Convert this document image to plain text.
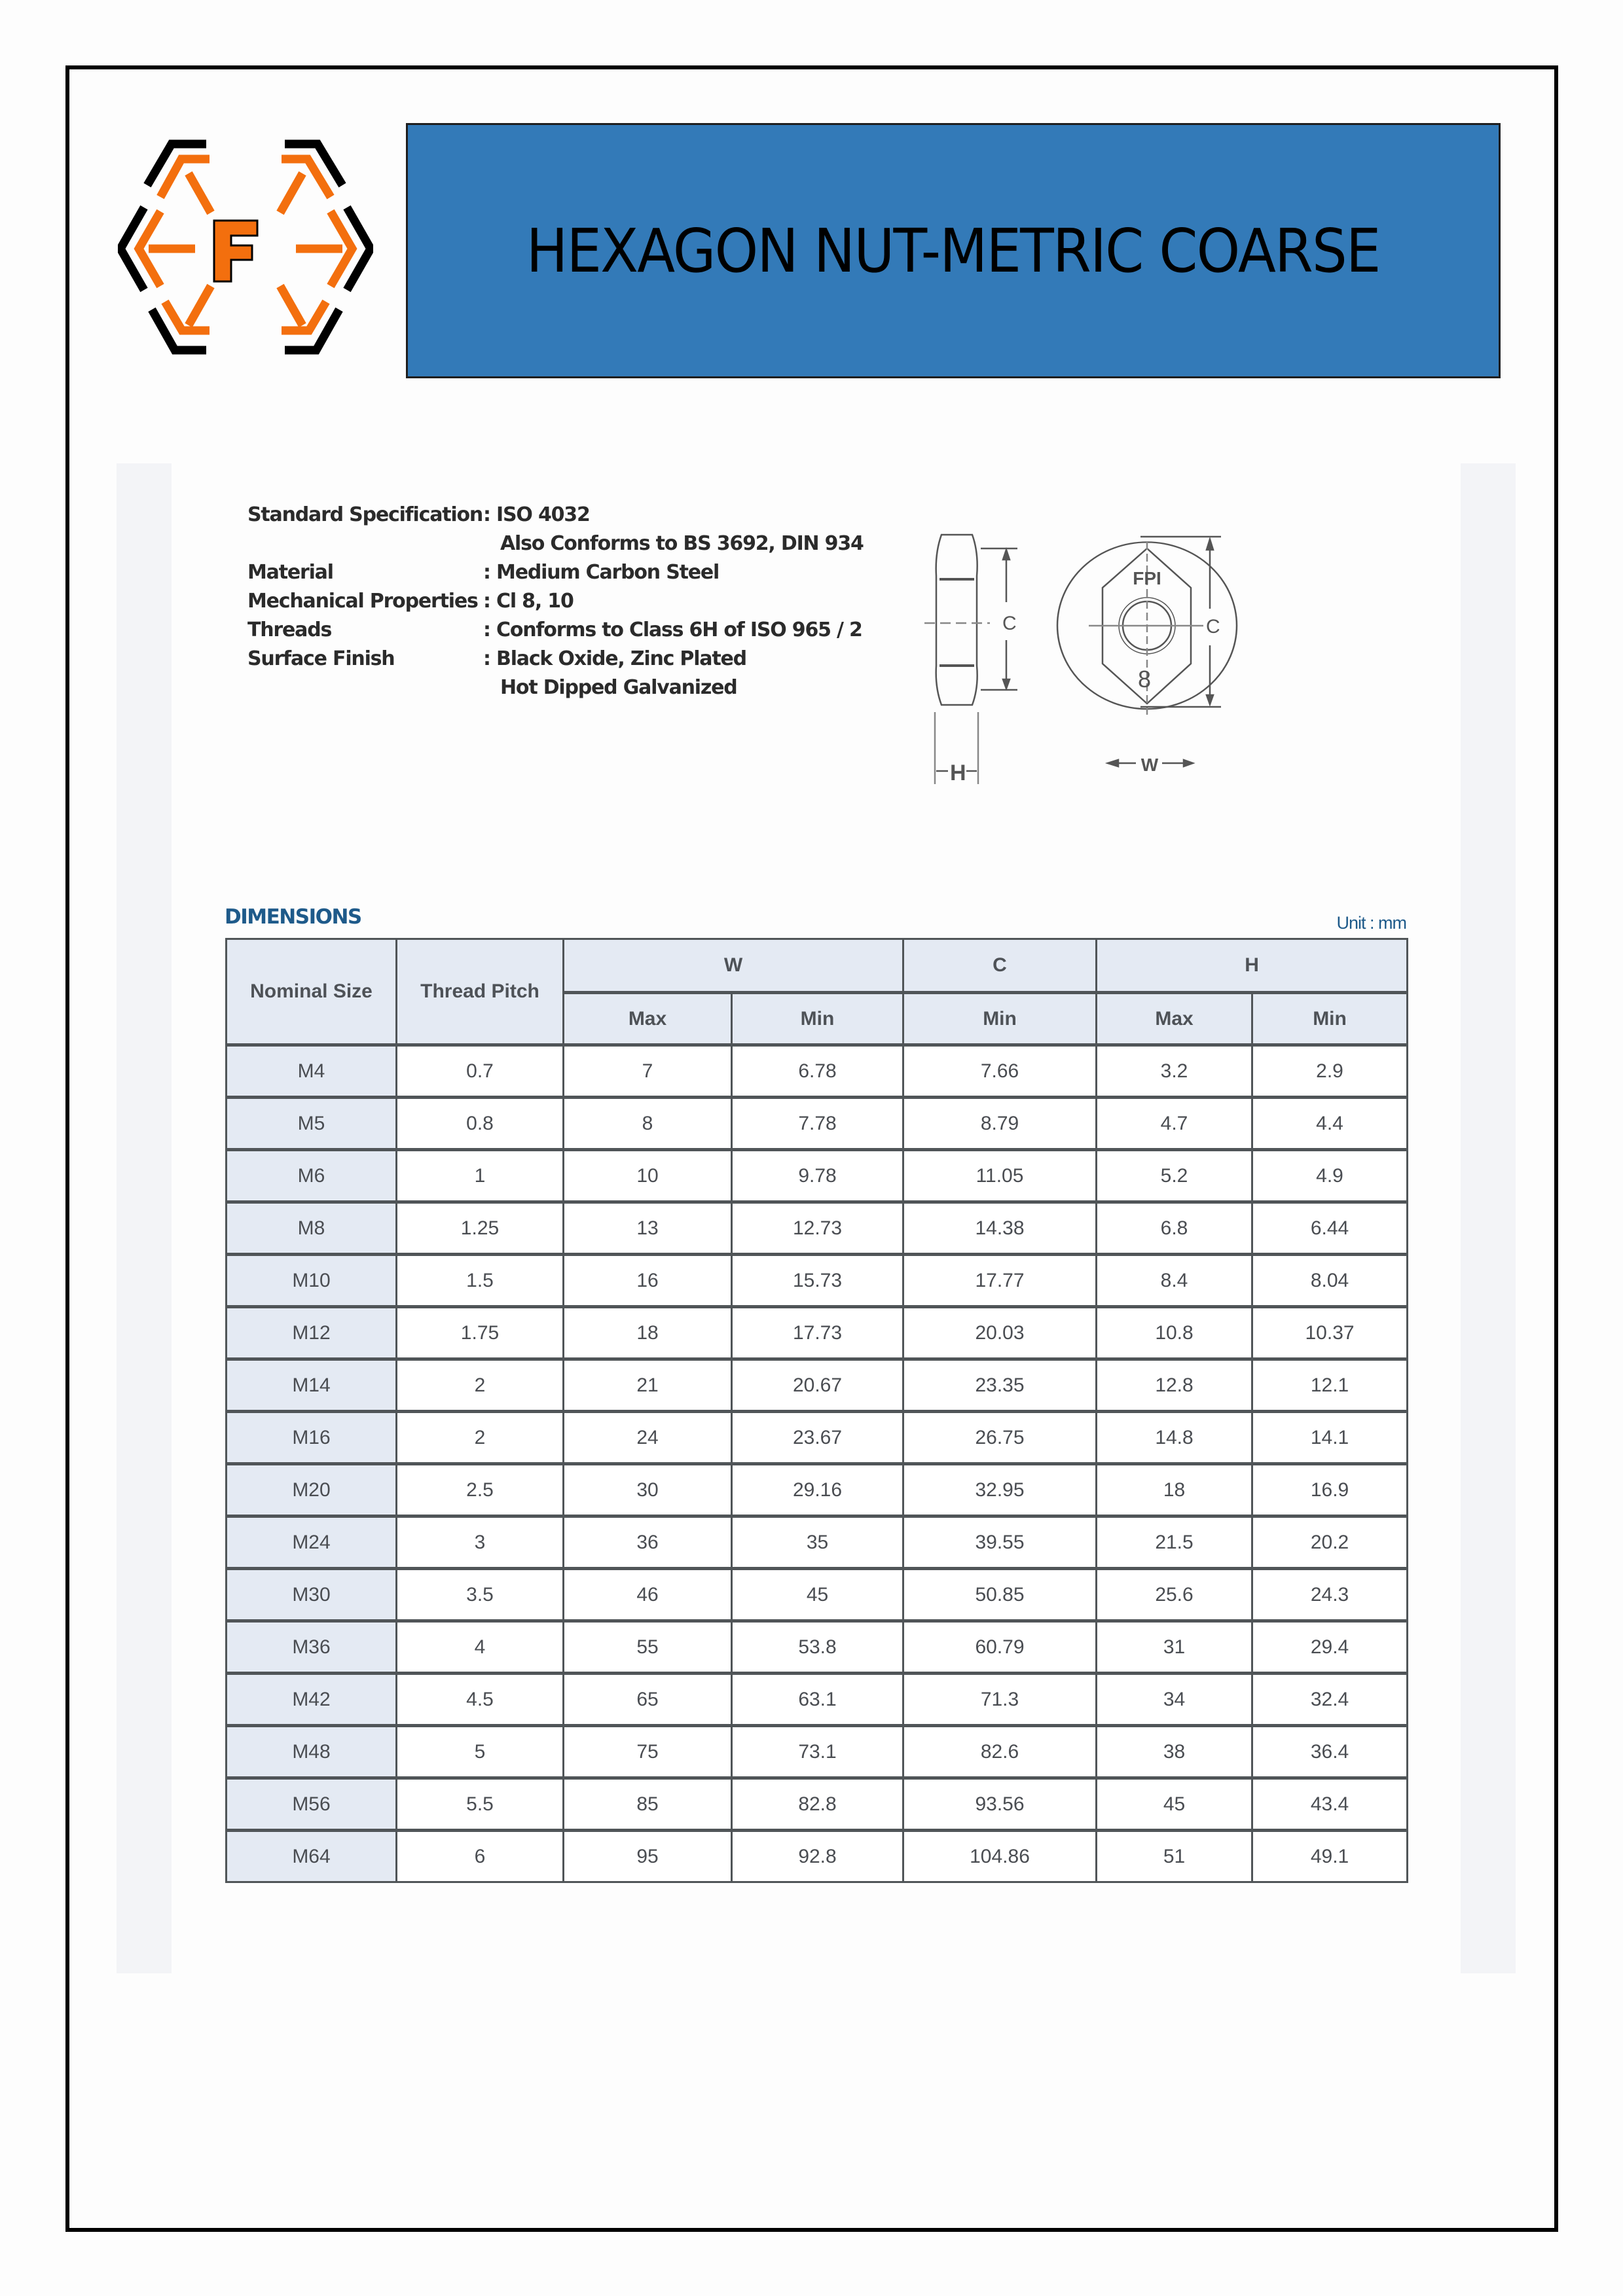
HEXAGON NUT-METRIC COARSE
Standard Specification : ISO 4032
Also Conforms to BS 3692, DIN 934
Material	: Medium Carbon Steel
Mechanical Properties : Cl 8, 10
Threads	: Conforms to Class 6H of ISO 965 / 2
Surface Finish	: Black Oxide, Zinc Plated
Hot Dipped Galvanized
C
H
FPI
8
C
W
DIMENSIONS	Unit : mm
Nominal Size	Thread Pitch	W		C	H	
		Max	Min	Min	Max	Min
M4	0.7	7	6.78	7.66	3.2	2.9
M5	0.8	8	7.78	8.79	4.7	4.4
M6	1	10	9.78	11.05	5.2	4.9
M8	1.25	13	12.73	14.38	6.8	6.44
M10	1.5	16	15.73	17.77	8.4	8.04
M12	1.75	18	17.73	20.03	10.8	10.37
M14	2	21	20.67	23.35	12.8	12.1
M16	2	24	23.67	26.75	14.8	14.1
M20	2.5	30	29.16	32.95	18	16.9
M24	3	36	35	39.55	21.5	20.2
M30	3.5	46	45	50.85	25.6	24.3
M36	4	55	53.8	60.79	31	29.4
M42	4.5	65	63.1	71.3	34	32.4
M48	5	75	73.1	82.6	38	36.4
M56	5.5	85	82.8	93.56	45	43.4
M64	6	95	92.8	104.86	51	49.1
